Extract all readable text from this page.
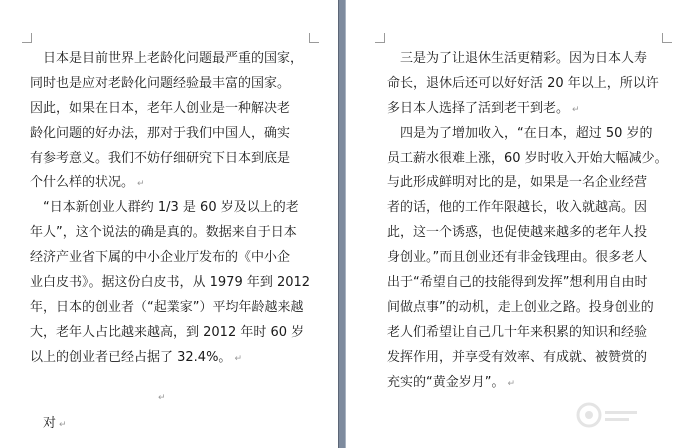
　日本是目前世界上老龄化问题最严重的国家，
同时也是应对老龄化问题经验最丰富的国家。
因此，如果在日本，老年人创业是一种解决老
龄化问题的好办法，那对于我们中国人，确实
有参考意义。我们不妨仔细研究下日本到底是
个什么样的状况。 ↵
　“日本新创业人群约 1/3 是 60 岁及以上的老
年人”，这个说法的确是真的。数据来自于日本
经济产业省下属的中小企业厅发布的《中小企
业白皮书》。据这份白皮书，从 1979 年到 2012
年，日本的创业者（“起業家”）平均年龄越来越
大，老年人占比越来越高，到 2012 年时 60 岁
以上的创业者已经占据了 32.4%。 ↵
　对 ↵
↵
　三是为了让退休生活更精彩。因为日本人寿
命长，退休后还可以好好活 20 年以上，所以许
多日本人选择了活到老干到老。 ↵
　四是为了增加收入，“在日本，超过 50 岁的
员工薪水很难上涨，60 岁时收入开始大幅减少。
与此形成鲜明对比的是，如果是一名企业经营
者的话，他的工作年限越长，收入就越高。因
此，这一个诱惑，也促使越来越多的老年人投
身创业。”而且创业还有非金钱理由。很多老人
出于“希望自己的技能得到发挥”想利用自由时
间做点事”的动机，走上创业之路。投身创业的
老人们希望让自己几十年来积累的知识和经验
发挥作用，并享受有效率、有成就、被赞赏的
充实的“黄金岁月”。 ↵
